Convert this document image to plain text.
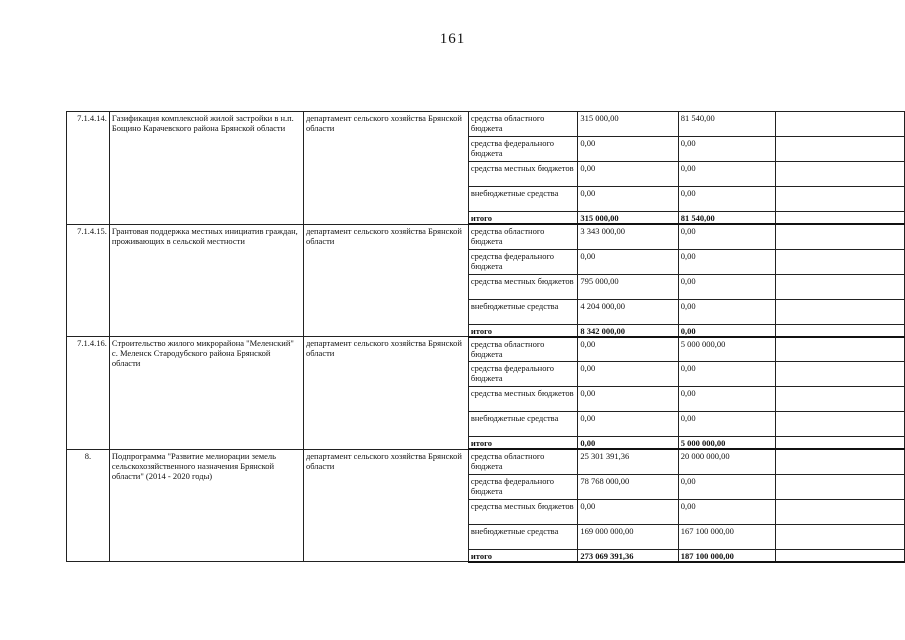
161
7.1.4.14.	Газификация комплексной жилой застройки в н.п. Бощино Карачевского района Брянской области	департамент сельского хозяйства Брянской области	средства областного бюджета	315 000,00	81 540,00	
			средства федерального бюджета	0,00	0,00	
			средства местных бюджетов	0,00	0,00	
			внебюджетные средства	0,00	0,00	
			итого	315 000,00	81 540,00	
7.1.4.15.	Грантовая поддержка местных инициатив граждан, проживающих в сельской местности	департамент сельского хозяйства Брянской области	средства областного бюджета	3 343 000,00	0,00	
			средства федерального бюджета	0,00	0,00	
			средства местных бюджетов	795 000,00	0,00	
			внебюджетные средства	4 204 000,00	0,00	
			итого	8 342 000,00	0,00	
7.1.4.16.	Строительство жилого микрорайона "Меленский" с. Меленск Стародубского района Брянской области	департамент сельского хозяйства Брянской области	средства областного бюджета	0,00	5 000 000,00	
			средства федерального бюджета	0,00	0,00	
			средства местных бюджетов	0,00	0,00	
			внебюджетные средства	0,00	0,00	
			итого	0,00	5 000 000,00	
8.	Подпрограмма "Развитие мелиорации земель сельскохозяйственного назначения Брянской области" (2014 - 2020 годы)	департамент сельского хозяйства Брянской области	средства областного бюджета	25 301 391,36	20 000 000,00	
			средства федерального бюджета	78 768 000,00	0,00	
			средства местных бюджетов	0,00	0,00	
			внебюджетные средства	169 000 000,00	167 100 000,00	
			итого	273 069 391,36	187 100 000,00	
